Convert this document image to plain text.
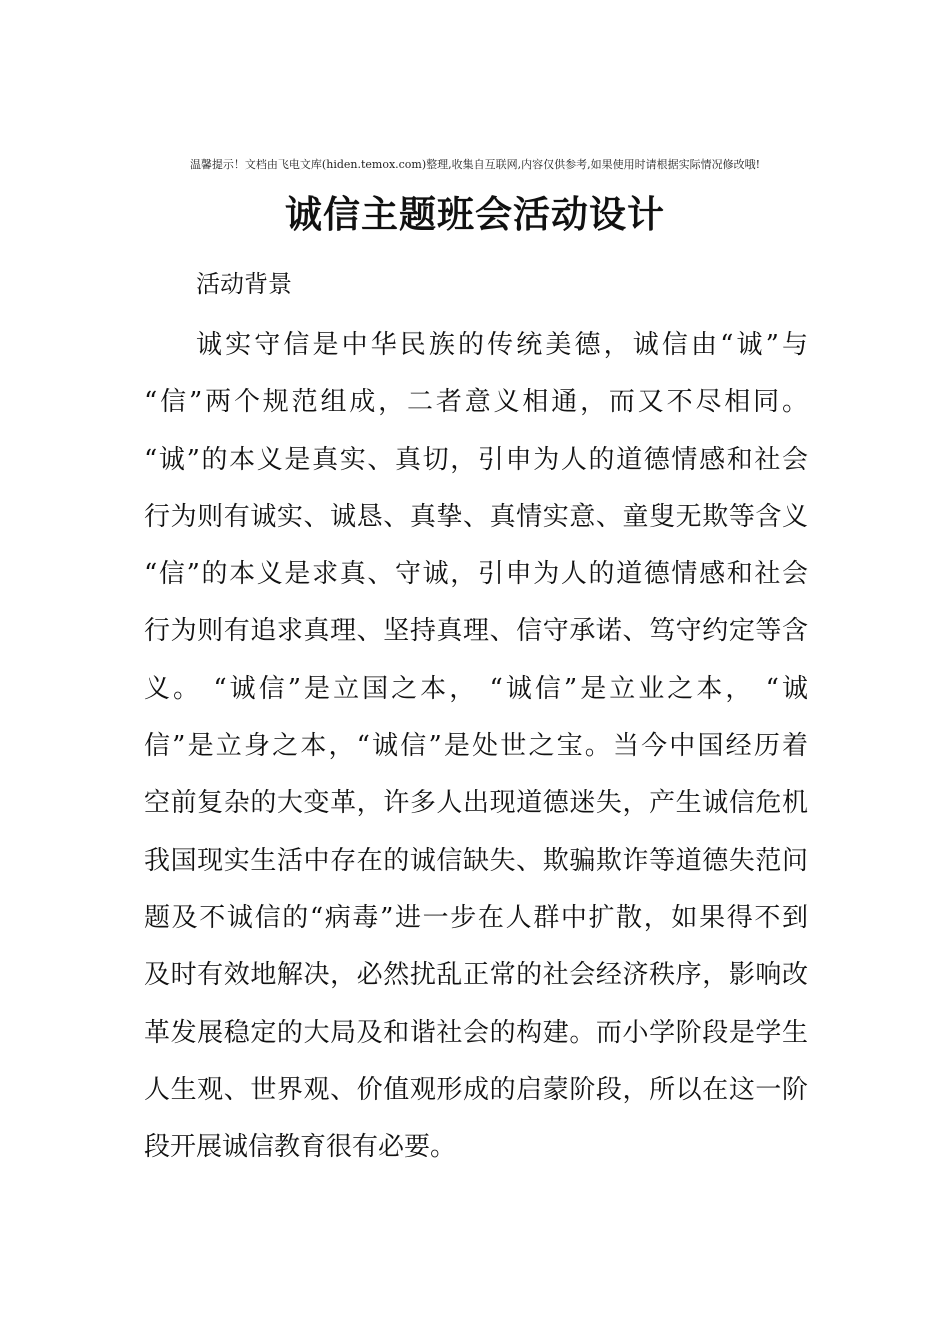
温馨提示！文档由飞电文库(hiden.temox.com)整理,收集自互联网,内容仅供参考,如果使用时请根据实际情况修改哦!
诚信主题班会活动设计
活动背景
诚实守信是中华民族的传统美德，诚信由“诚”与
“信”两个规范组成，二者意义相通，而又不尽相同。
“诚”的本义是真实、真切，引申为人的道德情感和社会
行为则有诚实、诚恳、真挚、真情实意、童叟无欺等含义
“信”的本义是求真、守诚，引申为人的道德情感和社会
行为则有追求真理、坚持真理、信守承诺、笃守约定等含
义。 “诚信”是立国之本， “诚信”是立业之本， “诚
信”是立身之本，“诚信”是处世之宝。当今中国经历着
空前复杂的大变革，许多人出现道德迷失，产生诚信危机
我国现实生活中存在的诚信缺失、欺骗欺诈等道德失范问
题及不诚信的“病毒”进一步在人群中扩散，如果得不到
及时有效地解决，必然扰乱正常的社会经济秩序，影响改
革发展稳定的大局及和谐社会的构建。而小学阶段是学生
人生观、世界观、价值观形成的启蒙阶段，所以在这一阶
段开展诚信教育很有必要。
